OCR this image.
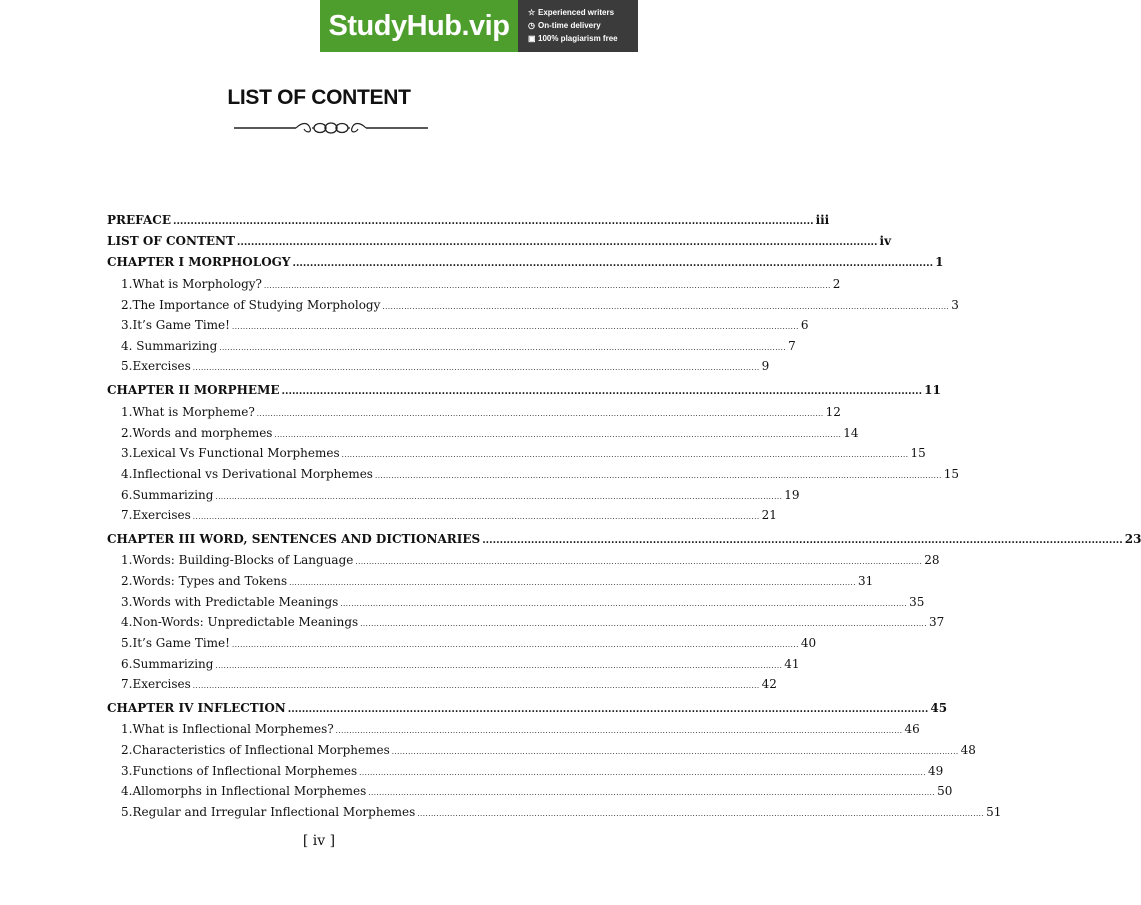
StudyHub.vip	☆ Experienced writers
◷ On-time delivery
▣ 100% plagiarism free
LIST OF CONTENT
PREFACE ........................................................................................................................................................................................ iii
LIST OF CONTENT ........................................................................................................................................................................................ iv
CHAPTER I MORPHOLOGY ........................................................................................................................................................................................ 1
1. What is Morphology? ................................................................................................................................................................................................................ 2
2. The Importance of Studying Morphology ................................................................................................................................................................................................................ 3
3. It’s Game Time! ................................................................................................................................................................................................................ 6
4. Summarizing ................................................................................................................................................................................................................ 7
5. Exercises ................................................................................................................................................................................................................ 9
CHAPTER II MORPHEME ........................................................................................................................................................................................ 11
1. What is Morpheme? ................................................................................................................................................................................................................ 12
2. Words and morphemes ................................................................................................................................................................................................................ 14
3. Lexical Vs Functional Morphemes ................................................................................................................................................................................................................ 15
4. Inflectional vs Derivational Morphemes ................................................................................................................................................................................................................ 15
6. Summarizing ................................................................................................................................................................................................................ 19
7. Exercises ................................................................................................................................................................................................................ 21
CHAPTER III WORD, SENTENCES AND DICTIONARIES ........................................................................................................................................................................................ 23
1. Words: Building-Blocks of Language ................................................................................................................................................................................................................ 28
2. Words: Types and Tokens ................................................................................................................................................................................................................ 31
3. Words with Predictable Meanings ................................................................................................................................................................................................................ 35
4. Non-Words: Unpredictable Meanings ................................................................................................................................................................................................................ 37
5. It’s Game Time! ................................................................................................................................................................................................................ 40
6. Summarizing ................................................................................................................................................................................................................ 41
7. Exercises ................................................................................................................................................................................................................ 42
CHAPTER IV INFLECTION ........................................................................................................................................................................................ 45
1. What is Inflectional Morphemes? ................................................................................................................................................................................................................ 46
2. Characteristics of Inflectional Morphemes ................................................................................................................................................................................................................ 48
3. Functions of Inflectional Morphemes ................................................................................................................................................................................................................ 49
4. Allomorphs in Inflectional Morphemes ................................................................................................................................................................................................................ 50
5. Regular and Irregular Inflectional Morphemes ................................................................................................................................................................................................................ 51
[ iv ]
